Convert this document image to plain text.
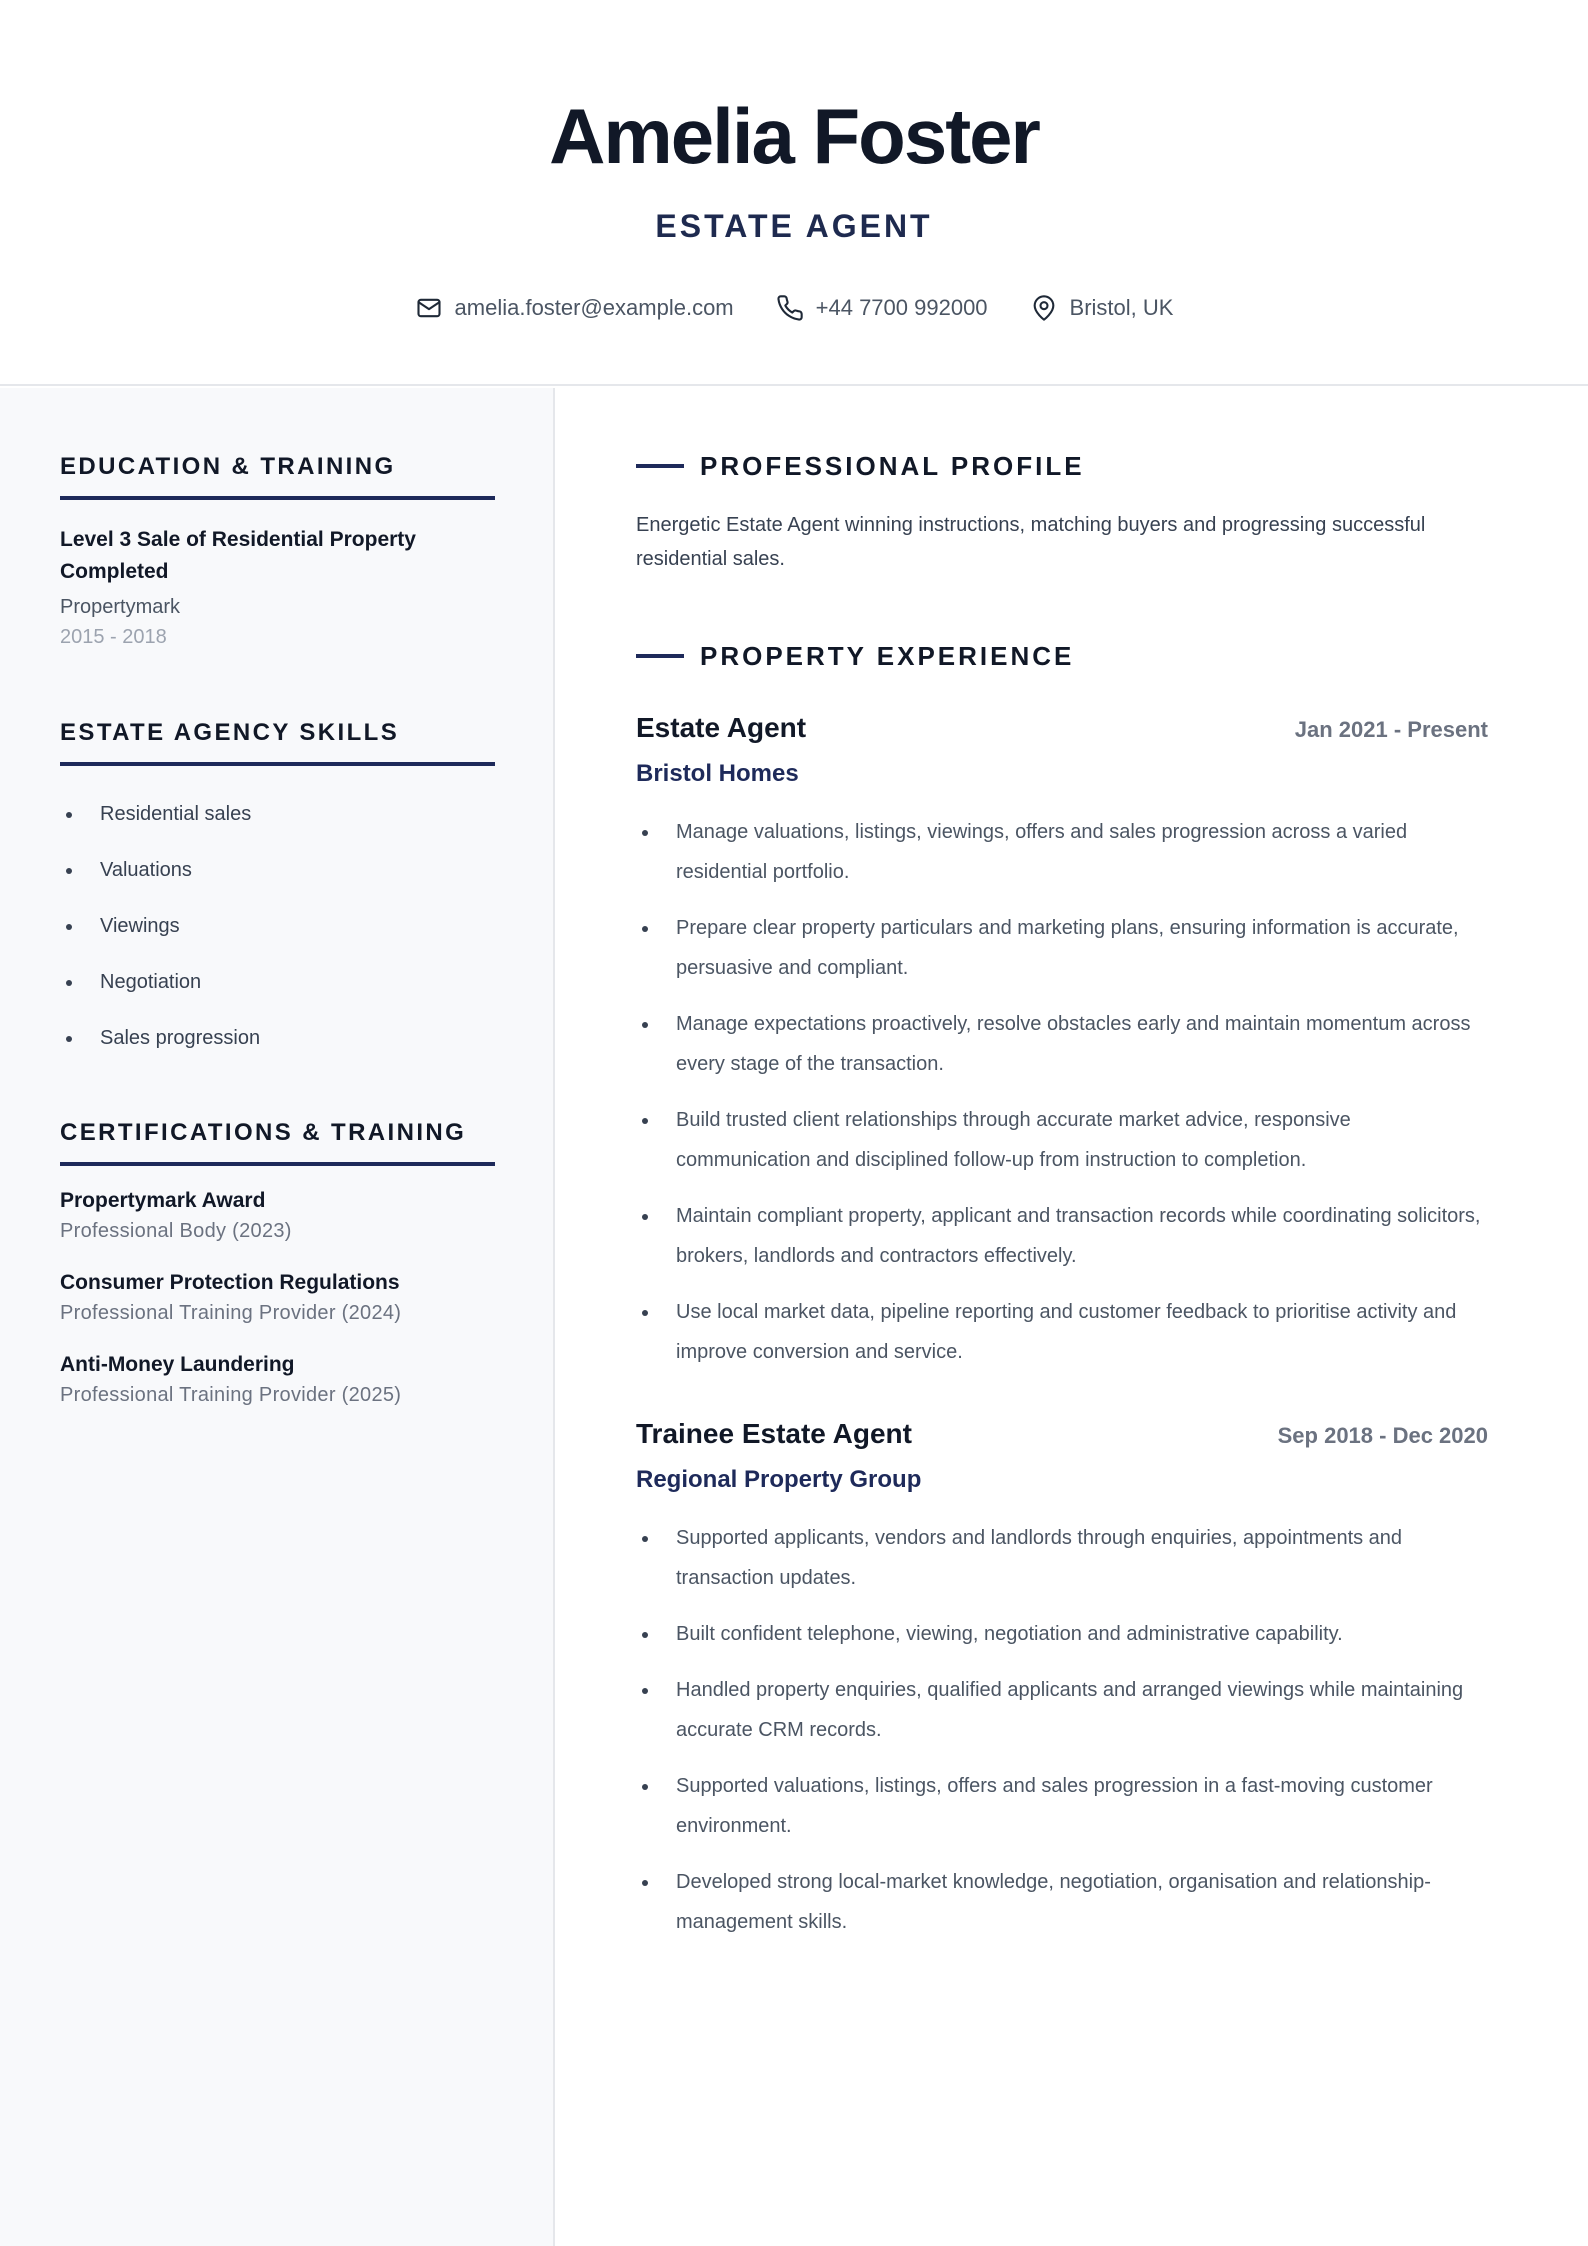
Amelia Foster
ESTATE AGENT
amelia.foster@example.com	+44 7700 992000	Bristol, UK
EDUCATION & TRAINING
Level 3 Sale of Residential Property Completed
Propertymark
2015 - 2018
ESTATE AGENCY SKILLS
Residential sales
Valuations
Viewings
Negotiation
Sales progression
CERTIFICATIONS & TRAINING
Propertymark Award
Professional Body (2023)
Consumer Protection Regulations
Professional Training Provider (2024)
Anti-Money Laundering
Professional Training Provider (2025)
PROFESSIONAL PROFILE
Energetic Estate Agent winning instructions, matching buyers and progressing successful residential sales.
PROPERTY EXPERIENCE
Estate Agent	Jan 2021 - Present
Bristol Homes
Manage valuations, listings, viewings, offers and sales progression across a varied residential portfolio.
Prepare clear property particulars and marketing plans, ensuring information is accurate, persuasive and compliant.
Manage expectations proactively, resolve obstacles early and maintain momentum across every stage of the transaction.
Build trusted client relationships through accurate market advice, responsive communication and disciplined follow-up from instruction to completion.
Maintain compliant property, applicant and transaction records while coordinating solicitors, brokers, landlords and contractors effectively.
Use local market data, pipeline reporting and customer feedback to prioritise activity and improve conversion and service.
Trainee Estate Agent	Sep 2018 - Dec 2020
Regional Property Group
Supported applicants, vendors and landlords through enquiries, appointments and transaction updates.
Built confident telephone, viewing, negotiation and administrative capability.
Handled property enquiries, qualified applicants and arranged viewings while maintaining accurate CRM records.
Supported valuations, listings, offers and sales progression in a fast-moving customer environment.
Developed strong local-market knowledge, negotiation, organisation and relationship-management skills.
